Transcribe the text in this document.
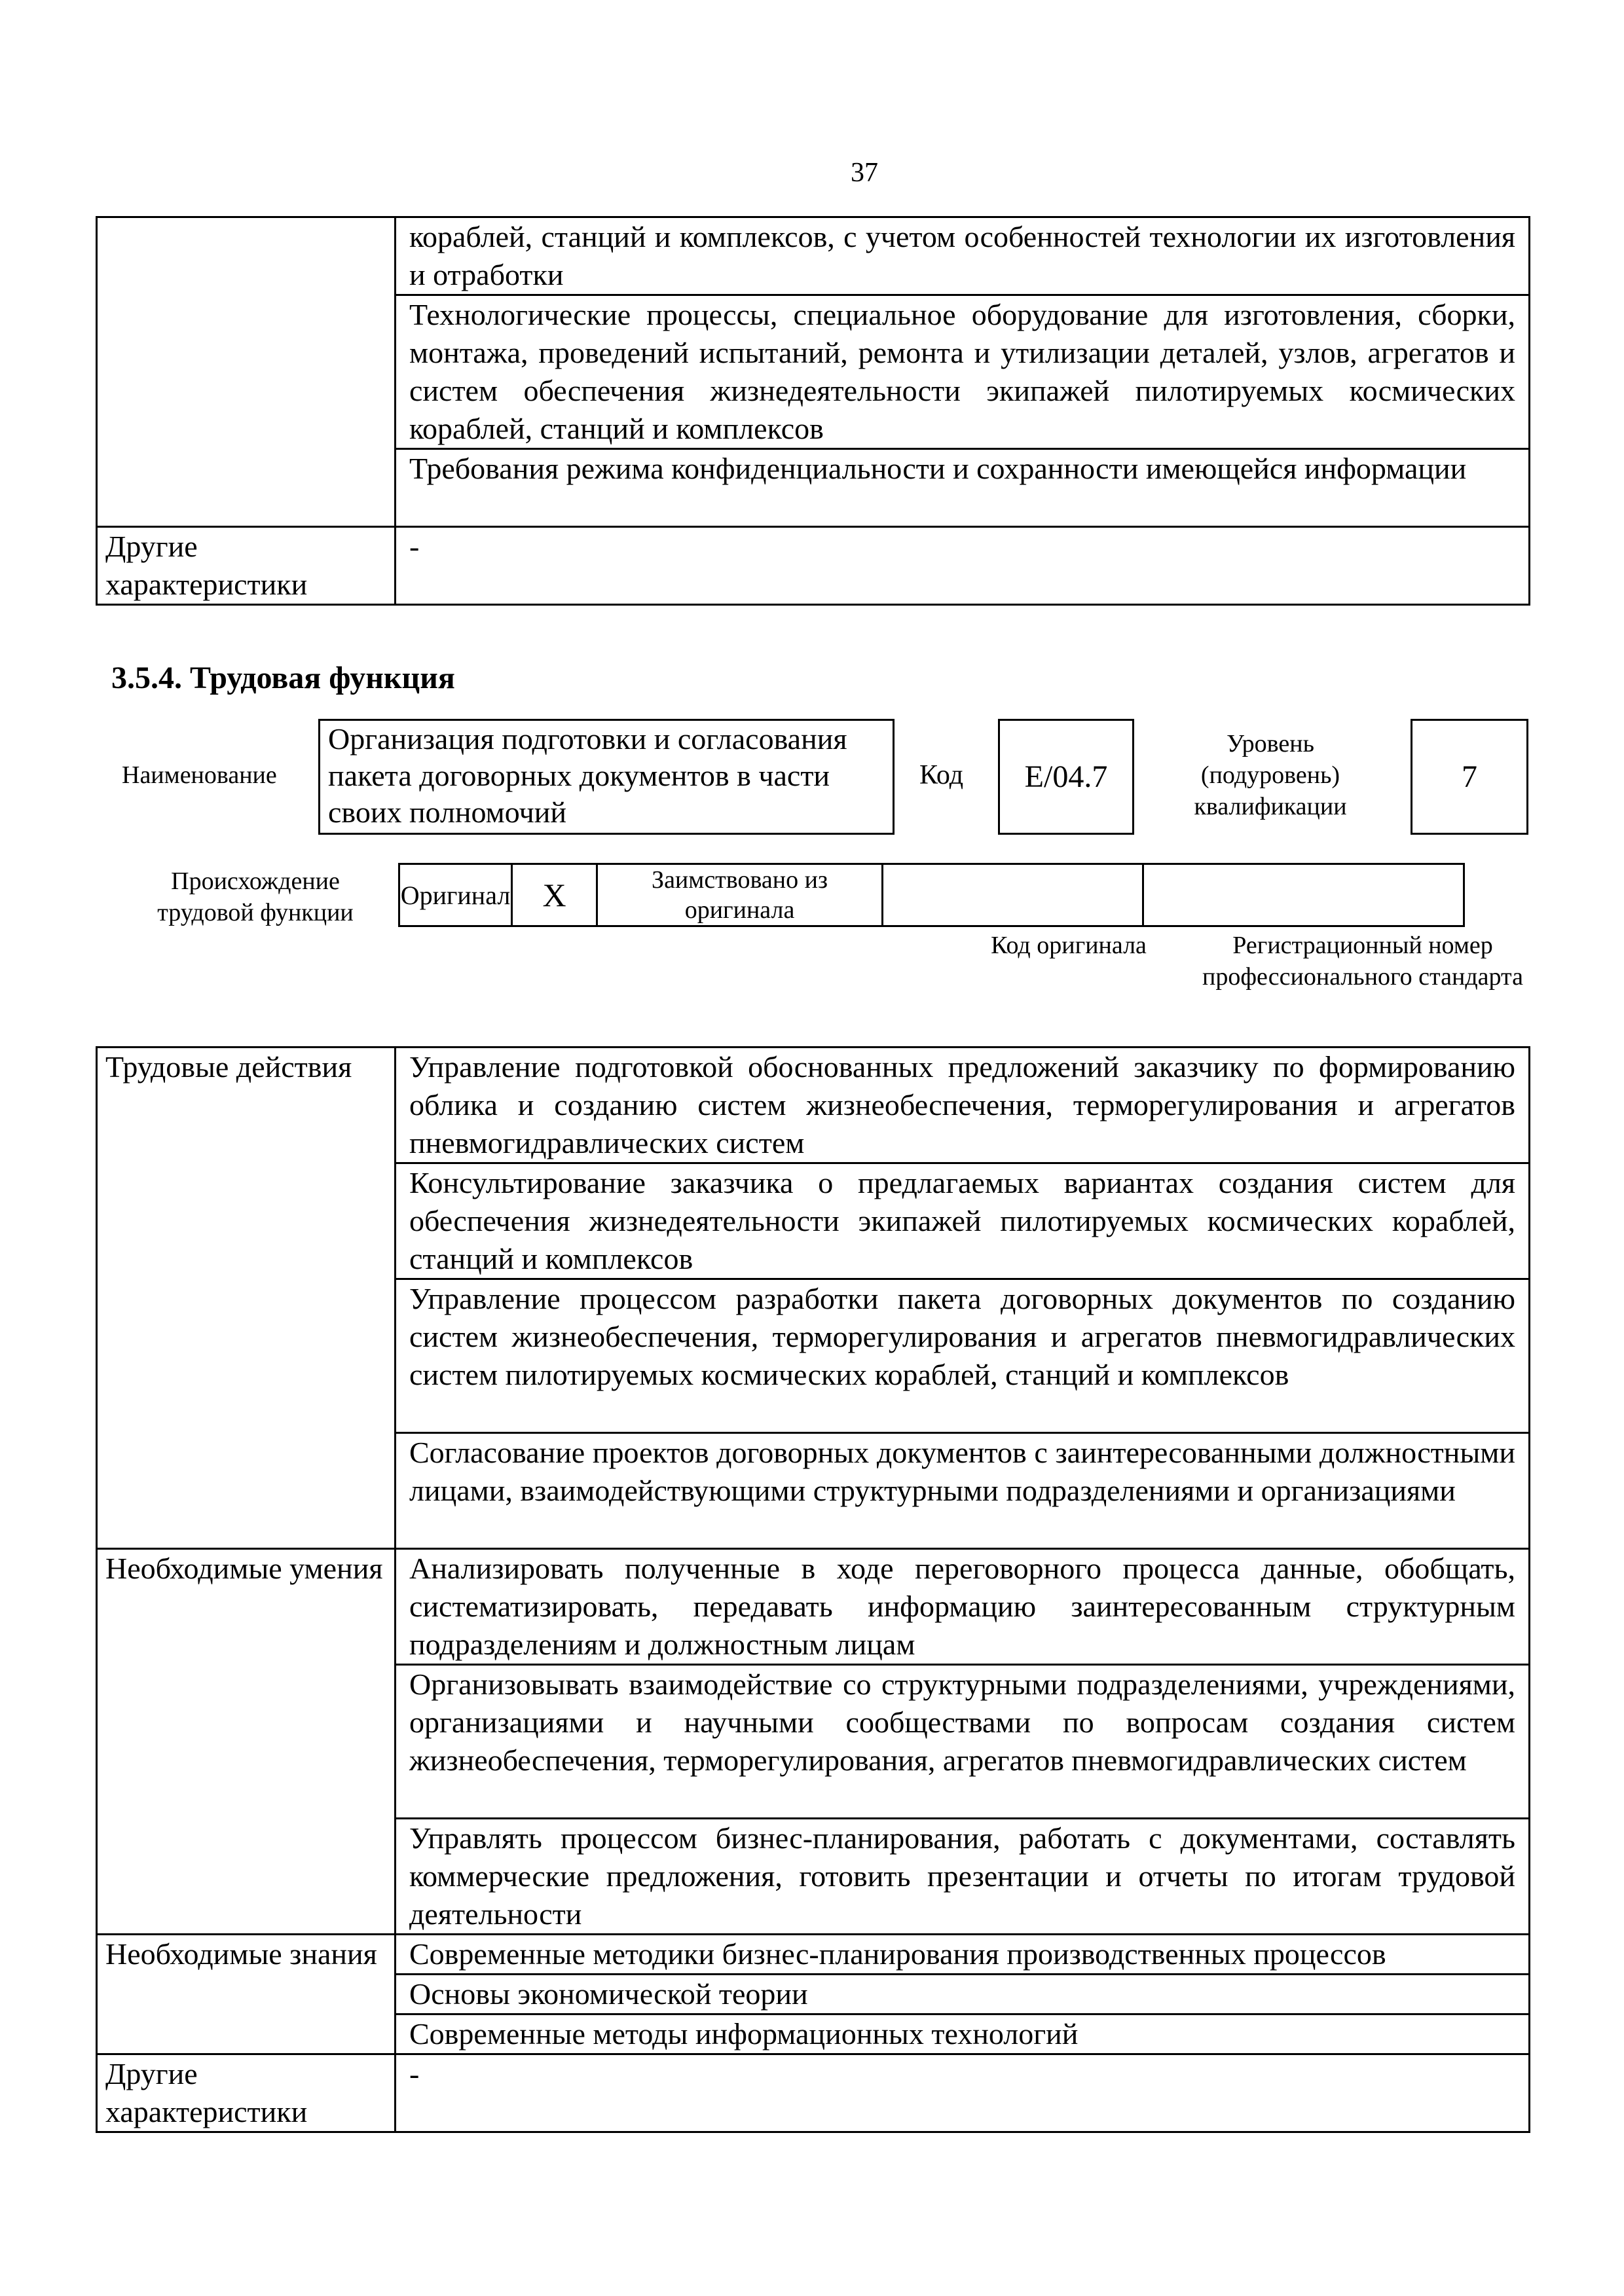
37
	кораблей, станций и комплексов, с учетом особенностей технологии их изготовления и отработки
	Технологические процессы, специальное оборудование для изготовления, сборки, монтажа, проведений испытаний, ремонта и утилизации деталей, узлов, агрегатов и систем обеспечения жизнедеятельности экипажей пилотируемых космических кораблей, станций и комплексов
	Требования режима конфиденциальности и сохранности имеющейся информации
Другие характеристики	-
3.5.4. Трудовая функция
Наименование
Организация подготовки и согласования пакета договорных документов в части своих полномочий
Код	E/04.7
Уровень (подуровень) квалификации
7
Происхождение трудовой функции
Оригинал	X	Заимствовано из оригинала		
Код оригинала	Регистрационный номер профессионального стандарта
Трудовые действия	Управление подготовкой обоснованных предложений заказчику по формированию облика и созданию систем жизнеобеспечения, терморегулирования и агрегатов пневмогидравлических систем
	Консультирование заказчика о предлагаемых вариантах создания систем для обеспечения жизнедеятельности экипажей пилотируемых космических кораблей, станций и комплексов
	Управление процессом разработки пакета договорных документов по созданию систем жизнеобеспечения, терморегулирования и агрегатов пневмогидравлических систем пилотируемых космических кораблей, станций и комплексов
	Согласование проектов договорных документов с заинтересованными должностными лицами, взаимодействующими структурными подразделениями и организациями
Необходимые умения	Анализировать полученные в ходе переговорного процесса данные, обобщать, систематизировать, передавать информацию заинтересованным структурным подразделениям и должностным лицам
	Организовывать взаимодействие со структурными подразделениями, учреждениями, организациями и научными сообществами по вопросам создания систем жизнеобеспечения, терморегулирования, агрегатов пневмогидравлических систем
	Управлять процессом бизнес-планирования, работать с документами, составлять коммерческие предложения, готовить презентации и отчеты по итогам трудовой деятельности
Необходимые знания	Современные методики бизнес-планирования производственных процессов
	Основы экономической теории
	Современные методы информационных технологий
Другие характеристики	-
